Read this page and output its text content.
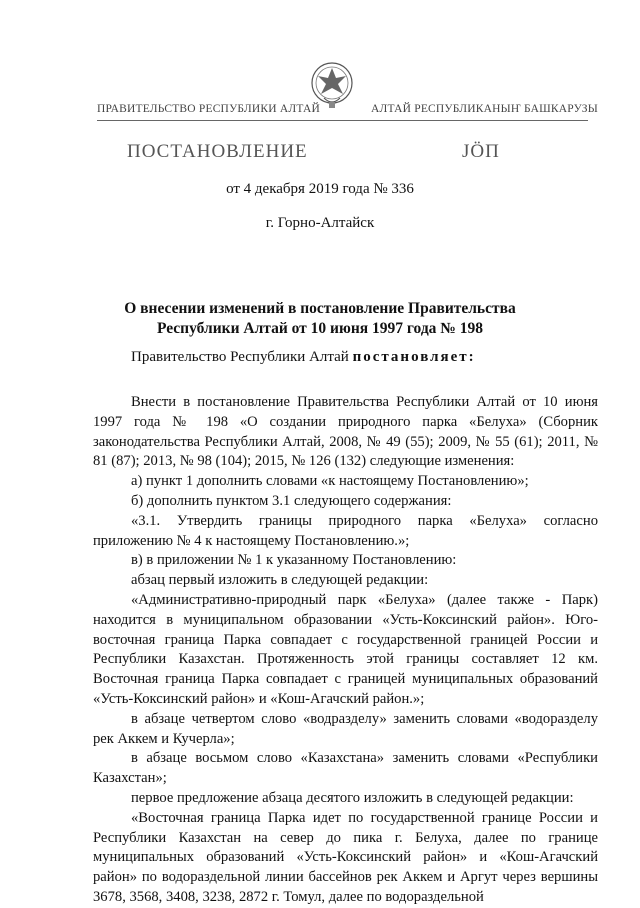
ПРАВИТЕЛЬСТВО РЕСПУБЛИКИ АЛТАЙ	АЛТАЙ РЕСПУБЛИКАНЫҤ БАШКАРУЗЫ
ПОСТАНОВЛЕНИЕ	ЈӦП
от 4 декабря 2019 года № 336
г. Горно-Алтайск
О внесении изменений в постановление Правительства
Республики Алтай от 10 июня 1997 года № 198
Правительство Республики Алтай постановляет:

Внести в постановление Правительства Республики Алтай от 10 июня 1997 года № 198 «О создании природного парка «Белуха» (Сборник законодательства Республики Алтай, 2008, № 49 (55); 2009, № 55 (61); 2011, № 81 (87); 2013, № 98 (104); 2015, № 126 (132) следующие изменения:

а) пункт 1 дополнить словами «к настоящему Постановлению»;

б) дополнить пунктом 3.1 следующего содержания:

«3.1. Утвердить границы природного парка «Белуха» согласно приложению № 4 к настоящему Постановлению.»;

в) в приложении № 1 к указанному Постановлению:

абзац первый изложить в следующей редакции:

«Административно-природный парк «Белуха» (далее также - Парк) находится в муниципальном образовании «Усть-Коксинский район». Юго-восточная граница Парка совпадает с государственной границей России и Республики Казахстан. Протяженность этой границы составляет 12 км. Восточная граница Парка совпадает с границей муниципальных образований «Усть-Коксинский район» и «Кош-Агачский район.»;

в абзаце четвертом слово «водразделу» заменить словами «водоразделу рек Аккем и Кучерла»;

в абзаце восьмом слово «Казахстана» заменить словами «Республики Казахстан»;

первое предложение абзаца десятого изложить в следующей редакции:

«Восточная граница Парка идет по государственной границе России и Республики Казахстан на север до пика г. Белуха, далее по границе муниципальных образований «Усть-Коксинский район» и «Кош-Агачский район» по водораздельной линии бассейнов рек Аккем и Аргут через вершины 3678, 3568, 3408, 3238, 2872 г. Томул, далее по водораздельной
